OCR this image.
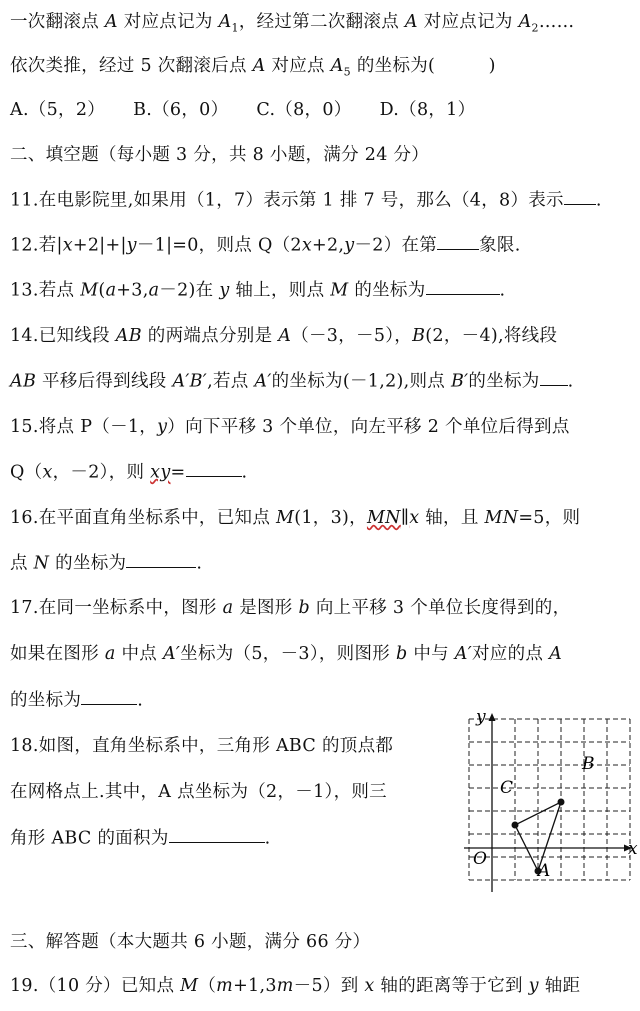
一次翻滚点 A 对应点记为 $A_1$，经过第二次翻滚点 A 对应点记为 $A_2\dots\dots$
依次类推，经过 5 次翻滚后点 A 对应点 $A_5$ 的坐标为(　　　)
A.（5，2） B.（6，0） C.（8，0） D.（8，1）
二、填空题（每小题 3 分，共 8 小题，满分 24 分）
11.在电影院里,如果用（1，7）表示第 1 排 7 号，那么（4，8）表示 .
12.若|x+2|+|y－1|=0，则点 Q（2x+2,y－2）在第 象限.
13.若点 M(a+3,a－2)在 y 轴上，则点 M 的坐标为	.
14.已知线段 AB 的两端点分别是 A（－3，－5），B(2，－4),将线段
AB 平移后得到线段 A′B′,若点 A′的坐标为(－1,2),则点 B′的坐标为 .
15.将点 P（－1，y）向下平移 3 个单位，向左平移 2 个单位后得到点
Q（x，－2），则 xy=	.
16.在平面直角坐标系中，已知点 M(1，3)，MN∥x 轴，且 MN=5，则
点 N 的坐标为	.
17.在同一坐标系中，图形 a 是图形 b 向上平移 3 个单位长度得到的，
如果在图形 a 中点 A′坐标为（5，－3），则图形 b 中与 A′对应的点 A
的坐标为	.
18.如图，直角坐标系中，三角形 ABC 的顶点都
在网格点上.其中，A 点坐标为（2，－1），则三
角形 ABC 的面积为	.
x
y
O
A
B
C
三、解答题（本大题共 6 小题，满分 66 分）
19.（10 分）已知点 M（m+1,3m－5）到 x 轴的距离等于它到 y 轴距
